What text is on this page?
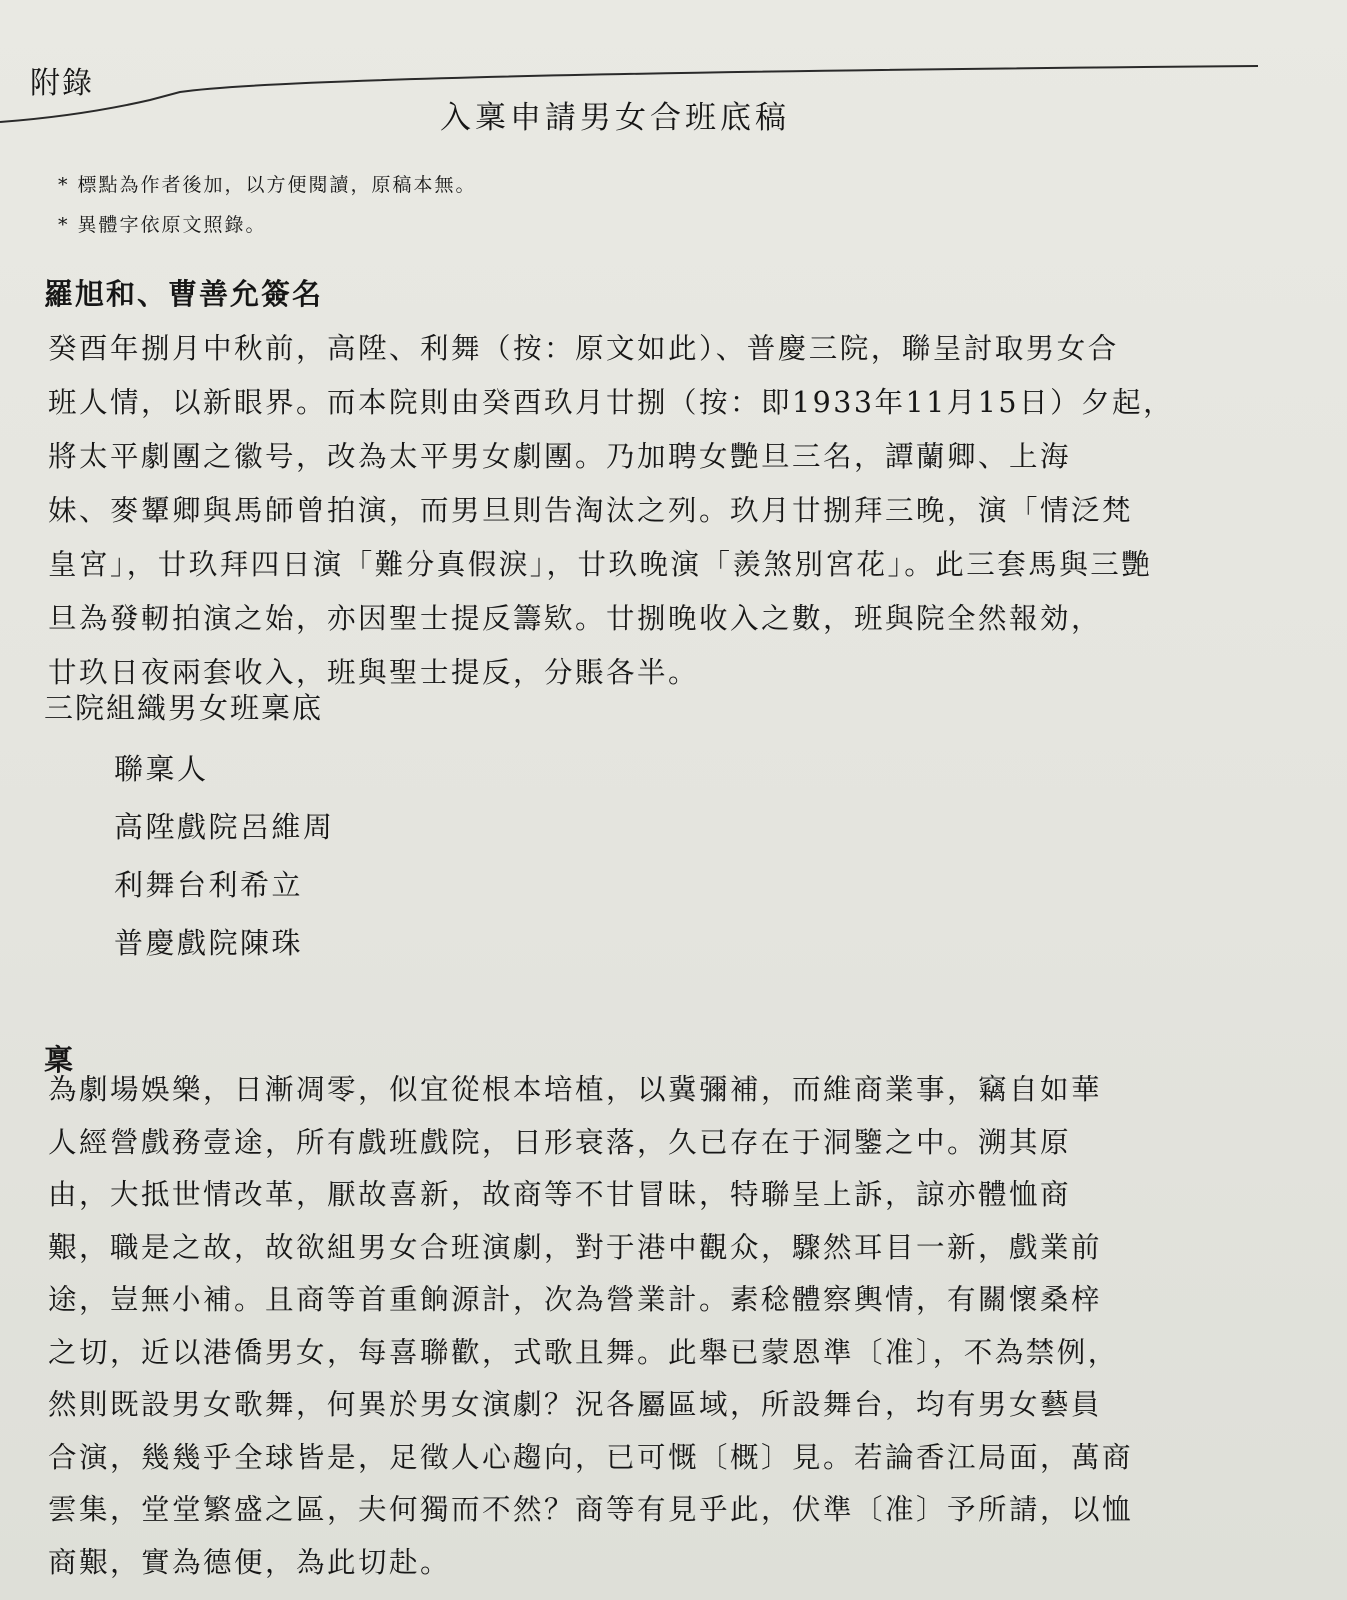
附錄
入稟申請男女合班底稿
* 標點為作者後加，以方便閱讀，原稿本無。
* 異體字依原文照錄。
羅旭和、曹善允簽名
癸酉年捌月中秋前，高陞、利舞（按：原文如此）、普慶三院，聯呈討取男女合
班人情，以新眼界。而本院則由癸酉玖月廿捌（按：即1933年11月15日）夕起，
將太平劇團之徽号，改為太平男女劇團。乃加聘女艷旦三名，譚蘭卿、上海
妹、麥顰卿與馬師曾拍演，而男旦則告淘汰之列。玖月廿捌拜三晚，演「情泛梵
皇宮」，廿玖拜四日演「難分真假淚」，廿玖晚演「羨煞別宮花」。此三套馬與三艷
旦為發軔拍演之始，亦因聖士提反籌欵。廿捌晚收入之數，班與院全然報効，
廿玖日夜兩套收入，班與聖士提反，分賬各半。
三院組織男女班稟底
聯稟人
高陞戲院呂維周
利舞台利希立
普慶戲院陳珠
稟
為劇場娛樂，日漸凋零，似宜從根本培植，以冀彌補，而維商業事，竊自如華
人經營戲務壹途，所有戲班戲院，日形衰落，久已存在于洞鑒之中。溯其原
由，大抵世情改革，厭故喜新，故商等不甘冒昧，特聯呈上訴，諒亦體恤商
艱，職是之故，故欲組男女合班演劇，對于港中觀众，驟然耳目一新，戲業前
途，豈無小補。且商等首重餉源計，次為營業計。素稔體察輿情，有關懷桑梓
之切，近以港僑男女，每喜聯歡，式歌且舞。此舉已蒙恩準〔准〕，不為禁例，
然則既設男女歌舞，何異於男女演劇？況各屬區域，所設舞台，均有男女藝員
合演，幾幾乎全球皆是，足徵人心趨向，已可慨〔概〕見。若論香江局面，萬商
雲集，堂堂繁盛之區，夫何獨而不然？商等有見乎此，伏準〔准〕予所請，以恤
商艱，實為德便，為此切赴。
